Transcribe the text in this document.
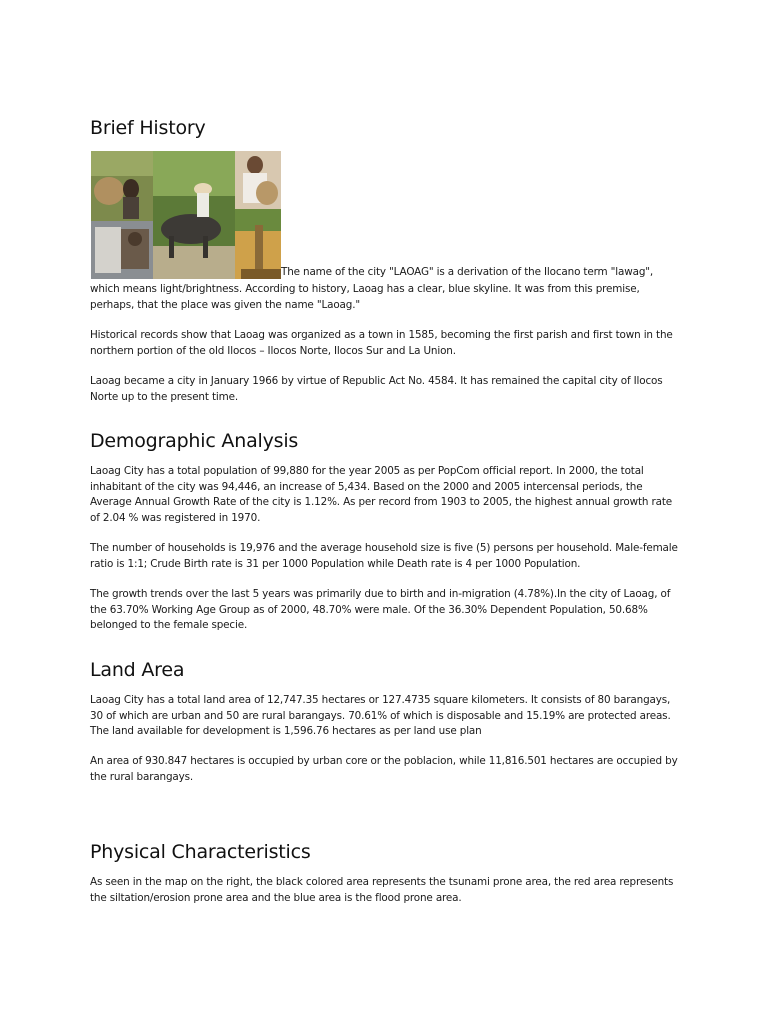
Brief History
The name of the city "LAOAG" is a derivation of the Ilocano term "lawag",

which means light/brightness. According to history, Laoag has a clear, blue skyline. It was from this premise, perhaps, that the place was given the name "Laoag."

Historical records show that Laoag was organized as a town in 1585, becoming the first parish and first town in the northern portion of the old Ilocos – Ilocos Norte, Ilocos Sur and La Union.

Laoag became a city in January 1966 by virtue of Republic Act No. 4584. It has remained the capital city of Ilocos Norte up to the present time.

Demographic Analysis

Laoag City has a total population of 99,880 for the year 2005 as per PopCom official report. In 2000, the total inhabitant of the city was 94,446, an increase of 5,434. Based on the 2000 and 2005 intercensal periods, the Average Annual Growth Rate of the city is 1.12%. As per record from 1903 to 2005, the highest annual growth rate of 2.04 % was registered in 1970.

The number of households is 19,976 and the average household size is five (5) persons per household. Male-female ratio is 1:1; Crude Birth rate is 31 per 1000 Population while Death rate is 4 per 1000 Population.

The growth trends over the last 5 years was primarily due to birth and in-migration (4.78%).In the city of Laoag, of the 63.70% Working Age Group as of 2000, 48.70% were male. Of the 36.30% Dependent Population, 50.68% belonged to the female specie.

Land Area

Laoag City has a total land area of 12,747.35 hectares or 127.4735 square kilometers. It consists of 80 barangays, 30 of which are urban and 50 are rural barangays. 70.61% of which is disposable and 15.19% are protected areas. The land available for development is 1,596.76 hectares as per land use plan

An area of 930.847 hectares is occupied by urban core or the poblacion, while 11,816.501 hectares are occupied by the rural barangays.

Physical Characteristics

As seen in the map on the right, the black colored area represents the tsunami prone area, the red area represents the siltation/erosion prone area and the blue area is the flood prone area.
